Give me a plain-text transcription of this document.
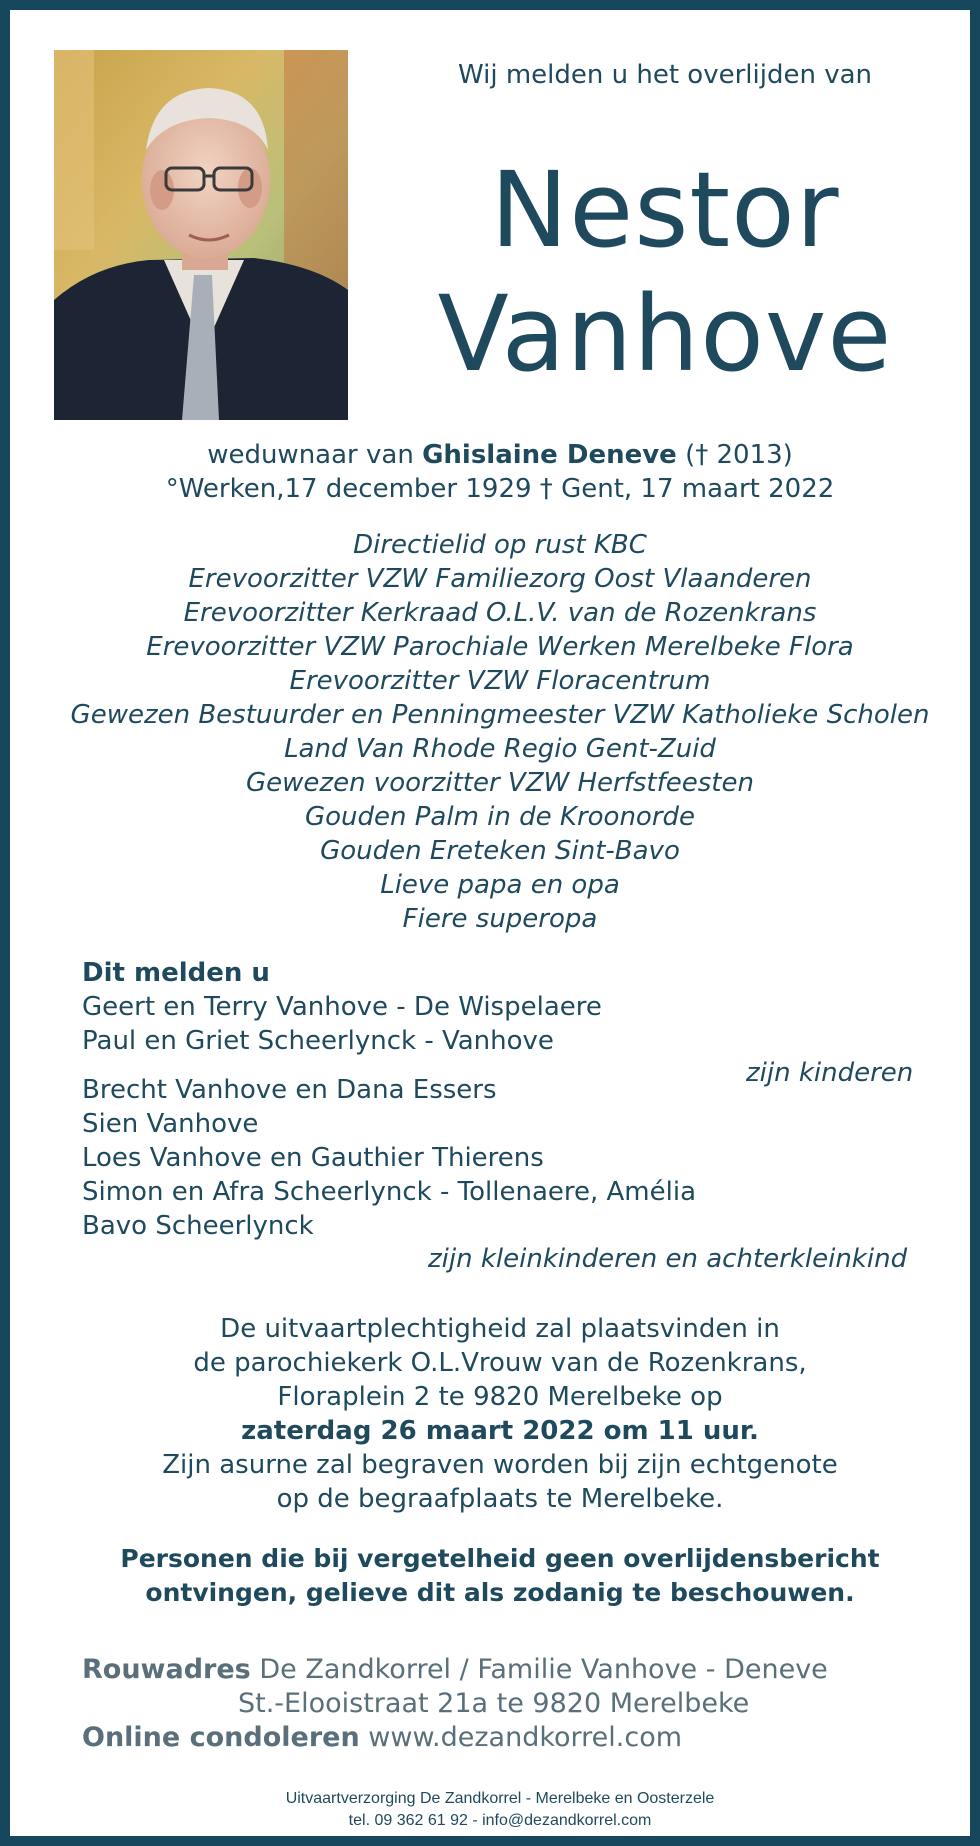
Wij melden u het overlijden van
Nestor
Vanhove
weduwnaar van Ghislaine Deneve († 2013)
°Werken,17 december 1929 † Gent, 17 maart 2022
Directielid op rust KBC
Erevoorzitter VZW Familiezorg Oost Vlaanderen
Erevoorzitter Kerkraad O.L.V. van de Rozenkrans
Erevoorzitter VZW Parochiale Werken Merelbeke Flora
Erevoorzitter VZW Floracentrum
Gewezen Bestuurder en Penningmeester VZW Katholieke Scholen
Land Van Rhode Regio Gent-Zuid
Gewezen voorzitter VZW Herfstfeesten
Gouden Palm in de Kroonorde
Gouden Ereteken Sint-Bavo
Lieve papa en opa
Fiere superopa
Dit melden u
Geert en Terry Vanhove - De Wispelaere
Paul en Griet Scheerlynck - Vanhove
zijn kinderen
Brecht Vanhove en Dana Essers
Sien Vanhove
Loes Vanhove en Gauthier Thierens
Simon en Afra Scheerlynck - Tollenaere, Amélia
Bavo Scheerlynck
zijn kleinkinderen en achterkleinkind
De uitvaartplechtigheid zal plaatsvinden in
de parochiekerk O.L.Vrouw van de Rozenkrans,
Floraplein 2 te 9820 Merelbeke op
zaterdag 26 maart 2022 om 11 uur.
Zijn asurne zal begraven worden bij zijn echtgenote
op de begraafplaats te Merelbeke.
Personen die bij vergetelheid geen overlijdensbericht
ontvingen, gelieve dit als zodanig te beschouwen.
Rouwadres De Zandkorrel / Familie Vanhove - Deneve
St.-Elooistraat 21a te 9820 Merelbeke
Online condoleren www.dezandkorrel.com
Uitvaartverzorging De Zandkorrel - Merelbeke en Oosterzele
tel. 09 362 61 92 - info@dezandkorrel.com
